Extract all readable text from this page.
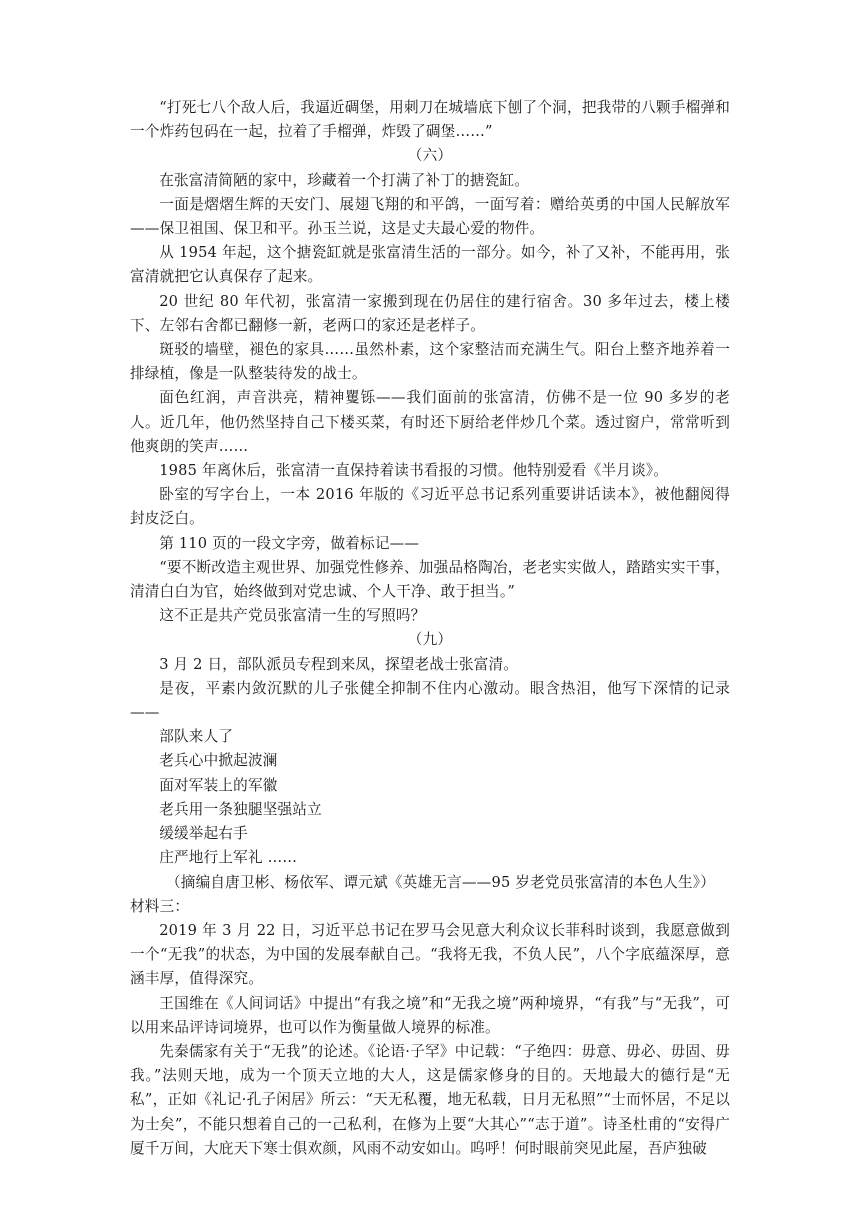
“打死七八个敌人后，我逼近碉堡，用刺刀在城墙底下刨了个洞，把我带的八颗手榴弹和一个炸药包码在一起，拉着了手榴弹，炸毁了碉堡……”

（六）

在张富清简陋的家中，珍藏着一个打满了补丁的搪瓷缸。

一面是熠熠生辉的天安门、展翅飞翔的和平鸽，一面写着：赠给英勇的中国人民解放军——保卫祖国、保卫和平。孙玉兰说，这是丈夫最心爱的物件。

从 1954 年起，这个搪瓷缸就是张富清生活的一部分。如今，补了又补，不能再用，张富清就把它认真保存了起来。

20 世纪 80 年代初，张富清一家搬到现在仍居住的建行宿舍。30 多年过去，楼上楼下、左邻右舍都已翻修一新，老两口的家还是老样子。

斑驳的墙壁，褪色的家具……虽然朴素，这个家整洁而充满生气。阳台上整齐地养着一排绿植，像是一队整装待发的战士。

面色红润，声音洪亮，精神矍铄——我们面前的张富清，仿佛不是一位 90 多岁的老人。近几年，他仍然坚持自己下楼买菜，有时还下厨给老伴炒几个菜。透过窗户，常常听到他爽朗的笑声……

1985 年离休后，张富清一直保持着读书看报的习惯。他特别爱看《半月谈》。

卧室的写字台上，一本 2016 年版的《习近平总书记系列重要讲话读本》，被他翻阅得封皮泛白。

第 110 页的一段文字旁，做着标记——

“要不断改造主观世界、加强党性修养、加强品格陶冶，老老实实做人，踏踏实实干事，清清白白为官，始终做到对党忠诚、个人干净、敢于担当。”

这不正是共产党员张富清一生的写照吗？

（九）

3 月 2 日，部队派员专程到来凤，探望老战士张富清。

是夜，平素内敛沉默的儿子张健全抑制不住内心激动。眼含热泪，他写下深情的记录——

部队来人了

老兵心中掀起波澜

面对军装上的军徽

老兵用一条独腿坚强站立

缓缓举起右手

庄严地行上军礼 ……

（摘编自唐卫彬、杨依军、谭元斌《英雄无言——95 岁老党员张富清的本色人生》）

材料三：

2019 年 3 月 22 日，习近平总书记在罗马会见意大利众议长菲科时谈到，我愿意做到一个“无我”的状态，为中国的发展奉献自己。“我将无我，不负人民”，八个字底蕴深厚，意涵丰厚，值得深究。

王国维在《人间词话》中提出“有我之境”和“无我之境”两种境界，“有我”与“无我”，可以用来品评诗词境界，也可以作为衡量做人境界的标准。

先秦儒家有关于“无我”的论述。《论语·子罕》中记载：“子绝四：毋意、毋必、毋固、毋我。”法则天地，成为一个顶天立地的大人，这是儒家修身的目的。天地最大的德行是“无私”，正如《礼记·孔子闲居》所云：“天无私覆，地无私载，日月无私照”“士而怀居，不足以为士矣”，不能只想着自己的一己私利，在修为上要“大其心”“志于道”。诗圣杜甫的“安得广厦千万间，大庇天下寒士俱欢颜，风雨不动安如山。呜呼！何时眼前突见此屋，吾庐独破
